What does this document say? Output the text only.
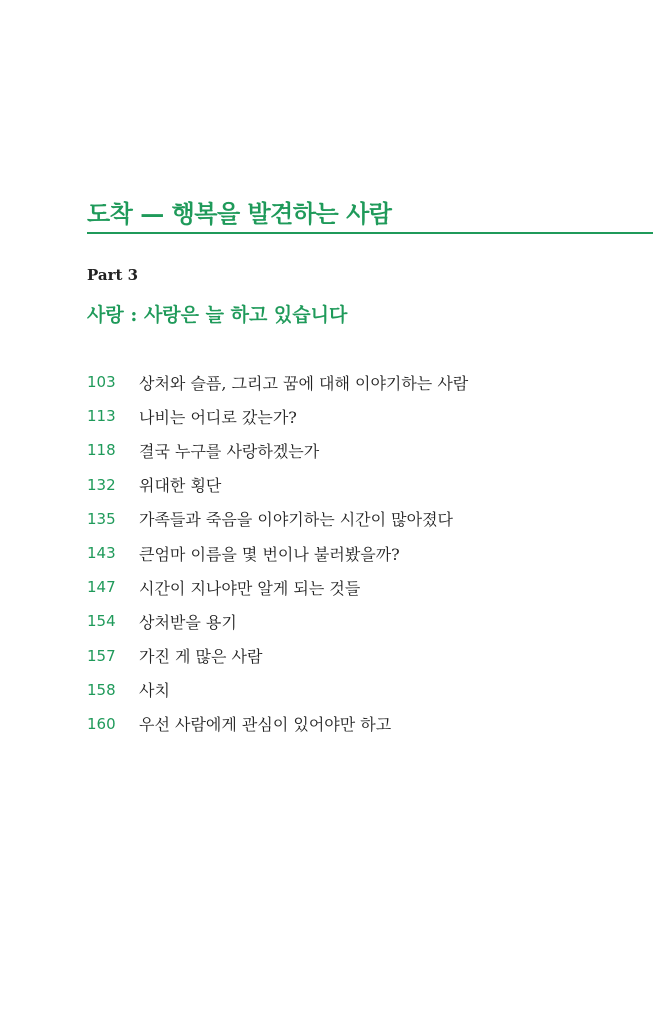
도착 — 행복을 발견하는 사람
Part 3
사랑 : 사랑은 늘 하고 있습니다
103	상처와 슬픔, 그리고 꿈에 대해 이야기하는 사람
113	나비는 어디로 갔는가?
118	결국 누구를 사랑하겠는가
132	위대한 횡단
135	가족들과 죽음을 이야기하는 시간이 많아졌다
143	큰엄마 이름을 몇 번이나 불러봤을까?
147	시간이 지나야만 알게 되는 것들
154	상처받을 용기
157	가진 게 많은 사람
158	사치
160	우선 사람에게 관심이 있어야만 하고
